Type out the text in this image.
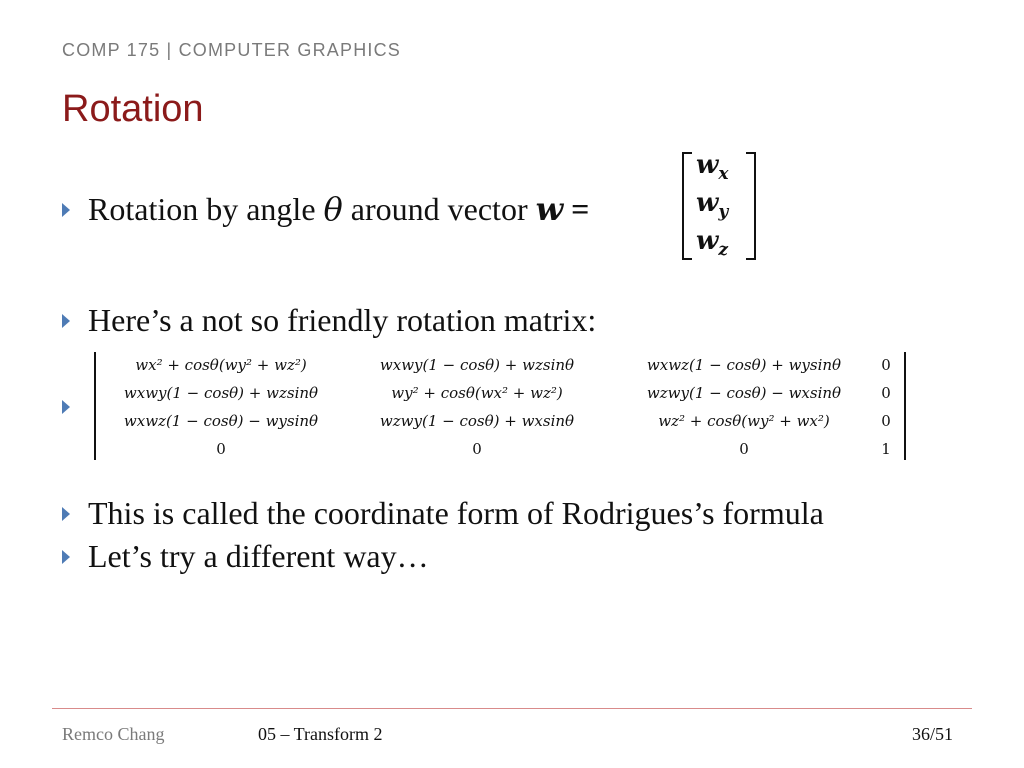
COMP 175 | COMPUTER GRAPHICS
Rotation
Rotation by angle θ around vector w =
$w_x$
$w_y$
$w_z$
Here’s a not so friendly rotation matrix:
wx² + cosθ(wy² + wz²)	wxwy(1 − cosθ) + wzsinθ	wxwz(1 − cosθ) + wysinθ	0
wxwy(1 − cosθ) + wzsinθ	wy² + cosθ(wx² + wz²)	wzwy(1 − cosθ) − wxsinθ	0
wxwz(1 − cosθ) − wysinθ	wzwy(1 − cosθ) + wxsinθ	wz² + cosθ(wy² + wx²)	0
0	0	0	1
This is called the coordinate form of Rodrigues’s formula
Let’s try a different way…
Remco Chang	05 – Transform 2	36/51
